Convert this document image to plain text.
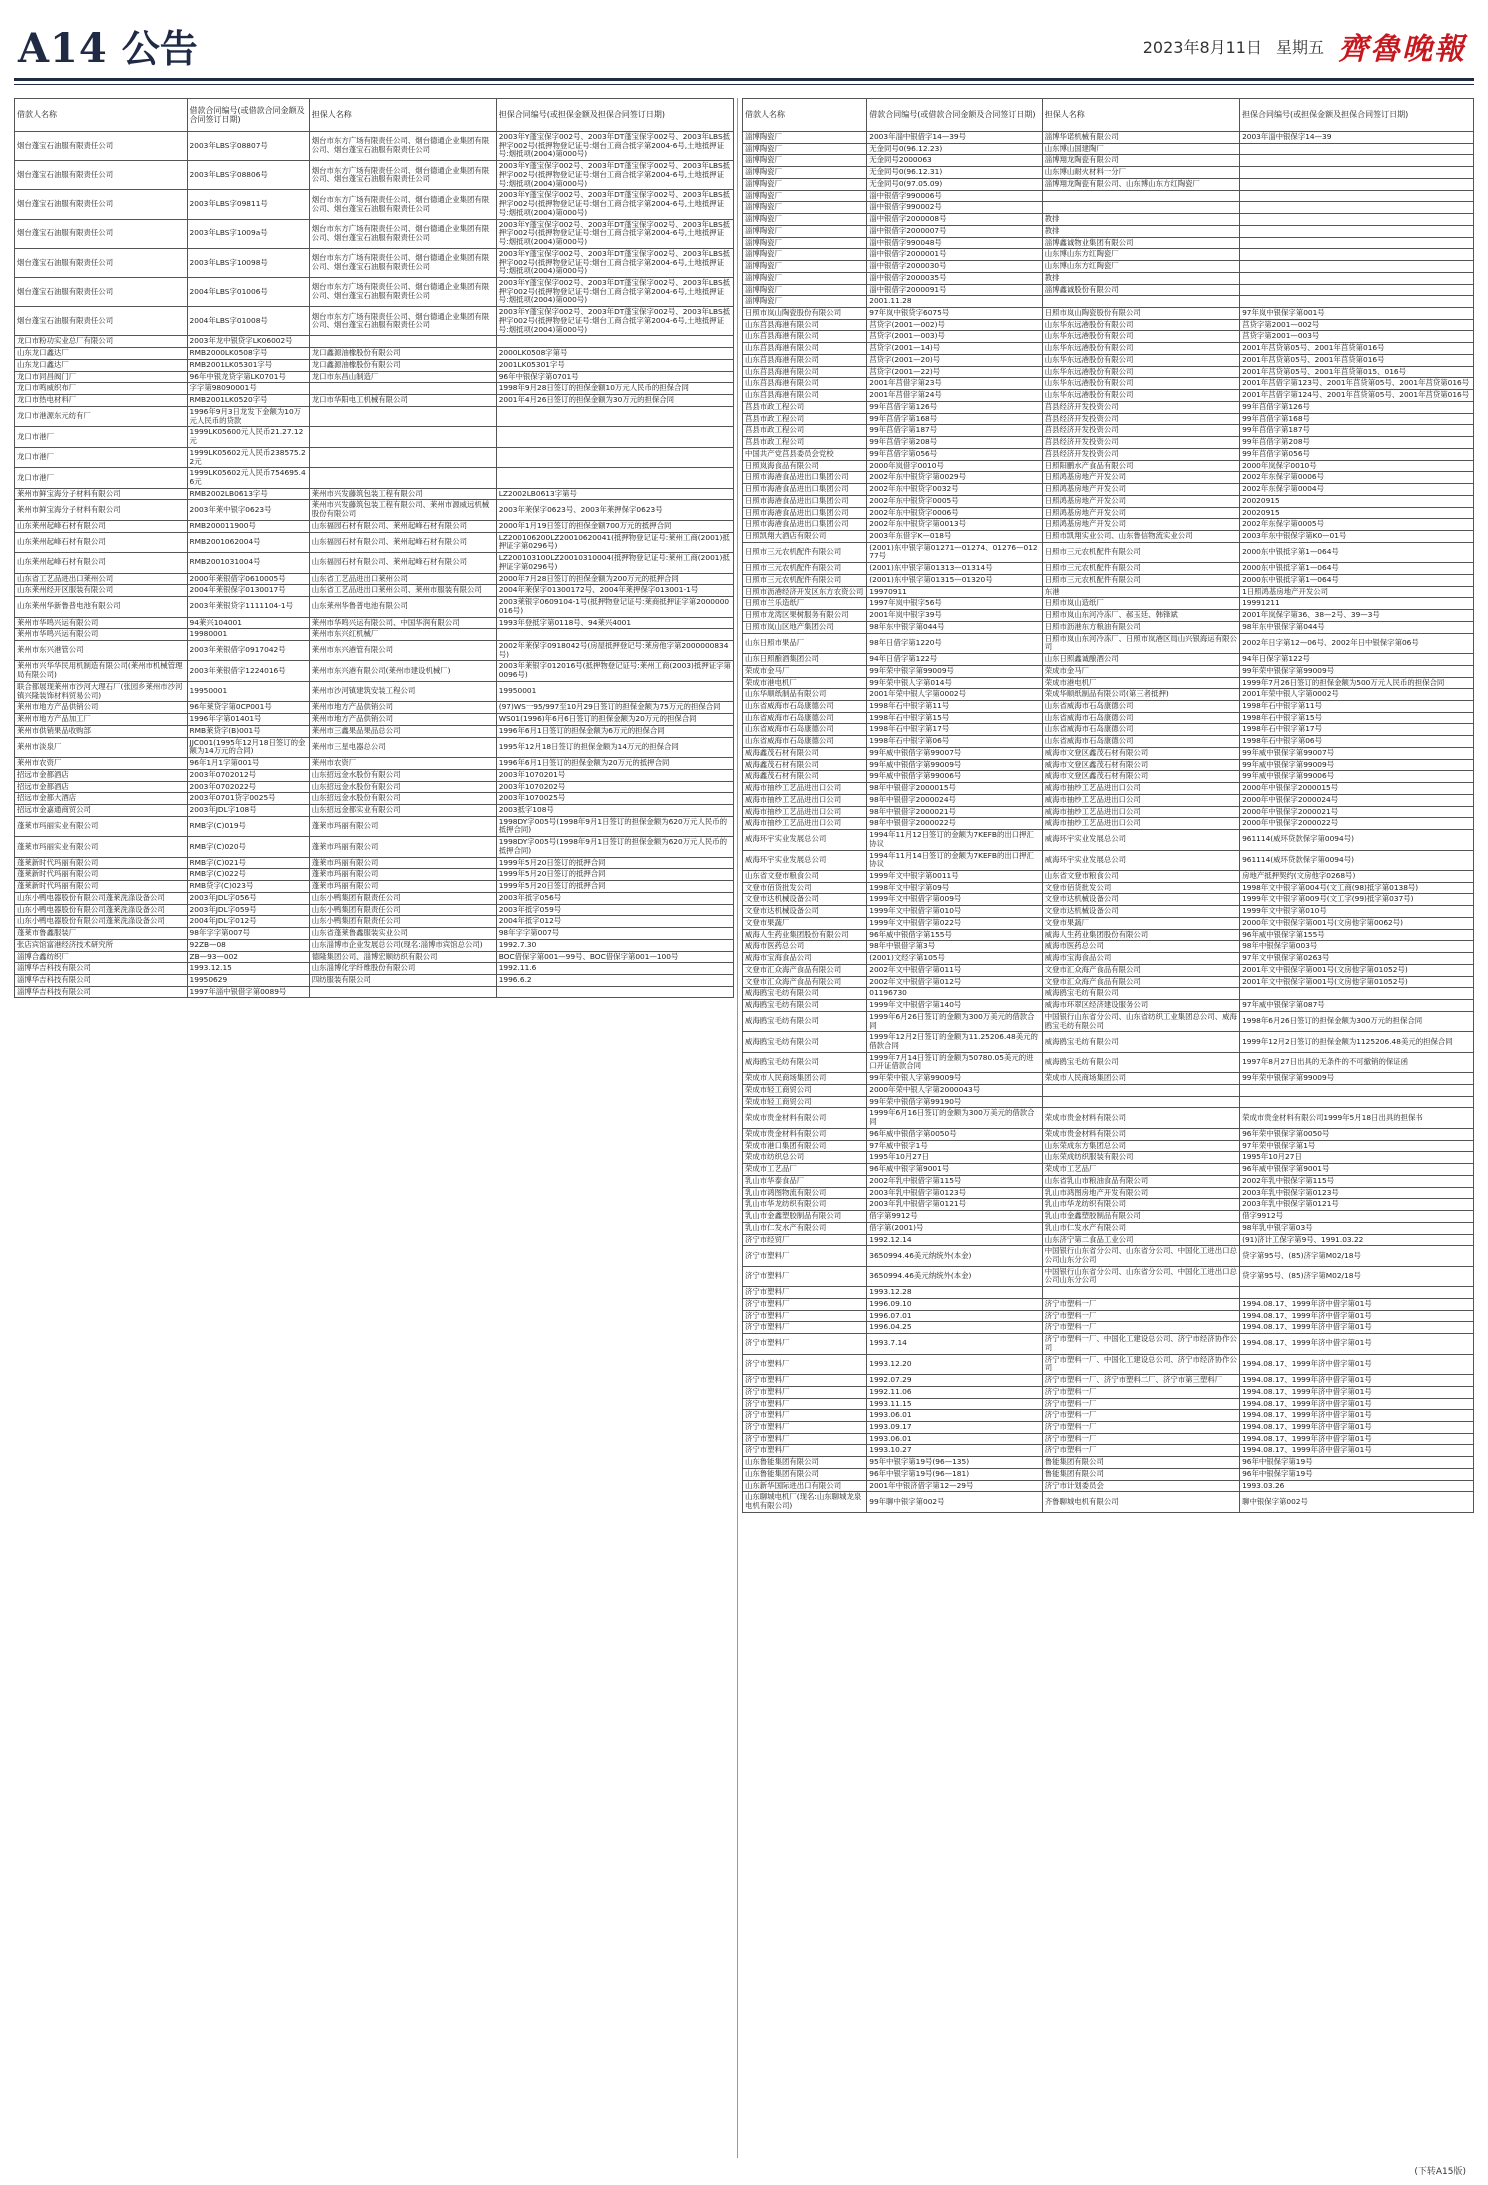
A14 公告	2023年8月11日 星期五 齊魯晚報
借款人名称	借款合同编号(或借款合同金额及合同签订日期)	担保人名称	担保合同编号(或担保金额及担保合同签订日期)
烟台蓬宝石油服有限责任公司	2003年LBS字08807号	烟台市东方广场有限责任公司、烟台德通企业集团有限公司、烟台蓬宝石油服有限责任公司	2003年Y蓬宝保字002号、2003年DT蓬宝保字002号、2003年LBS抵押字002号(抵押物登记证号:烟台工商合抵字第2004-6号,土地抵押证号:烟抵项(2004)第000号)
烟台蓬宝石油服有限责任公司	2003年LBS字08806号	烟台市东方广场有限责任公司、烟台德通企业集团有限公司、烟台蓬宝石油服有限责任公司	2003年Y蓬宝保字002号、2003年DT蓬宝保字002号、2003年LBS抵押字002号(抵押物登记证号:烟台工商合抵字第2004-6号,土地抵押证号:烟抵项(2004)第000号)
烟台蓬宝石油服有限责任公司	2003年LBS字09811号	烟台市东方广场有限责任公司、烟台德通企业集团有限公司、烟台蓬宝石油服有限责任公司	2003年Y蓬宝保字002号、2003年DT蓬宝保字002号、2003年LBS抵押字002号(抵押物登记证号:烟台工商合抵字第2004-6号,土地抵押证号:烟抵项(2004)第000号)
烟台蓬宝石油服有限责任公司	2003年LBS字1009a号	烟台市东方广场有限责任公司、烟台德通企业集团有限公司、烟台蓬宝石油服有限责任公司	2003年Y蓬宝保字002号、2003年DT蓬宝保字002号、2003年LBS抵押字002号(抵押物登记证号:烟台工商合抵字第2004-6号,土地抵押证号:烟抵项(2004)第000号)
烟台蓬宝石油服有限责任公司	2003年LBS字10098号	烟台市东方广场有限责任公司、烟台德通企业集团有限公司、烟台蓬宝石油服有限责任公司	2003年Y蓬宝保字002号、2003年DT蓬宝保字002号、2003年LBS抵押字002号(抵押物登记证号:烟台工商合抵字第2004-6号,土地抵押证号:烟抵项(2004)第000号)
烟台蓬宝石油服有限责任公司	2004年LBS字01006号	烟台市东方广场有限责任公司、烟台德通企业集团有限公司、烟台蓬宝石油服有限责任公司	2003年Y蓬宝保字002号、2003年DT蓬宝保字002号、2003年LBS抵押字002号(抵押物登记证号:烟台工商合抵字第2004-6号,土地抵押证号:烟抵项(2004)第000号)
烟台蓬宝石油服有限责任公司	2004年LBS字01008号	烟台市东方广场有限责任公司、烟台德通企业集团有限公司、烟台蓬宝石油服有限责任公司	2003年Y蓬宝保字002号、2003年DT蓬宝保字002号、2003年LBS抵押字002号(抵押物登记证号:烟台工商合抵字第2004-6号,土地抵押证号:烟抵项(2004)第000号)
龙口市粉功实业总厂有限公司	2003年龙中银贷字LK06002号		
山东龙口鑫达厂	RMB2000LK0508字号	龙口鑫源油橡股份有限公司	2000LK0508字第号
山东龙口鑫达厂	RMB2001LK05301字号	龙口鑫源油橡股份有限公司	2001LK05301字号
龙口市同昌阀门厂	96年中银龙贷字第LK0701号	龙口市东昌山制造厂	96年中银保字第0701号
龙口市鸣威织布厂	字字第98090001号		1998年9月28日签订的担保金额10万元人民币的担保合同
龙口市热电材料厂	RMB2001LK0520字号	龙口市华阳电工机械有限公司	2001年4月26日签订的担保金额为30万元的担保合同
龙口市港源东元纺有厂	1996年9月3日龙发下金额为10万元人民币的贷款		
龙口市港厂	1999LK05600元人民币21.27.12元		
龙口市港厂	1999LK05602元人民币238575.22元		
龙口市港厂	1999LK05602元人民币754695.46元		
莱州市鲜宝海分子材料有限公司	RMB2002LB0613字号	莱州市兴发藤筑包装工程有限公司	LZ2002LB0613字第号
莱州市鲜宝海分子材料有限公司	2003年莱中银字0623号	莱州市兴发藤筑包装工程有限公司、莱州市源威远机械股份有限公司	2003年莱保字0623号、2003年莱押保字0623号
山东莱州起峰石材有限公司	RMB200011900号	山东福园石材有限公司、莱州起峰石材有限公司	2000年1月19日签订的担保金额700万元的抵押合同
山东莱州起峰石材有限公司	RMB2001062004号	山东福园石材有限公司、莱州起峰石材有限公司	LZ200106200LZ20010620041(抵押物登记证号:莱州工商(2001)抵押证字第0296号)
山东莱州起峰石材有限公司	RMB2001031004号	山东福园石材有限公司、莱州起峰石材有限公司	LZ200103100LZ20010310004(抵押物登记证号:莱州工商(2001)抵押证字第0296号)
山东省工艺品进出口莱州公司	2000年莱银借字0610005号	山东省工艺品进出口莱州公司	2000年7月28日签订的担保金额为200万元的抵押合同
山东莱州经开区服装有限公司	2004年莱银保字0130017号	山东省工艺品进出口莱州公司、莱州市服装有限公司	2004年莱保字01300172号、2004年莱押保字013001-1号
山东莱州华新鲁普电池有限公司	2003年莱银贷字1111104-1号	山东莱州华鲁普电池有限公司	2003莱银字0609104-1号(抵押物登记证号:莱商抵押证字第2000000016号)
莱州市华鸣兴运有限公司	94莱兴104001	莱州市华鸣兴运有限公司、中国华润有限公司	1993年登抵字第0118号、94莱兴4001
莱州市华鸣兴运有限公司	19980001	莱州市东兴红机械厂	
莱州市东兴港管公司	2003年莱银借字0917042号	莱州市东兴港管有限公司	2002年莱保字0918042号(房屋抵押登记号:莱房他字第2000000834号)
莱州市兴华华民用机制造有限公司(莱州市机械管理局有限公司)	2003年莱银借字1224016号	莱州市东兴港有限公司(莱州市建设机械厂)	2003年莱银字012016号(抵押物登记证号:莱州工商(2003)抵押证字第0096号)
联合都展现莱州市沙河大理石厂(张园乡莱州市沙河镇兴隆装饰材料贸易公司)	19950001	莱州市沙河镇建筑安装工程公司	19950001
莱州市地方产品供销公司	96年莱贷字第0CP001号	莱州市地方产品供销公司	(97)WS一95/997至10月29日签订的担保金额为75万元的担保合同
莱州市地方产品加工厂	1996年字第01401号	莱州市地方产品供销公司	WS01(1996)年6月6日签订的担保金额为20万元的担保合同
莱州市供销果品收购部	RMB莱贷字(B)001号	莱州市三鑫果品果品总公司	1996年6月1日签订的担保金额为6万元的担保合同
莱州市淡泉厂	JJC001(1995年12月18日签订的金额为14万元的合同)	莱州市三星电器总公司	1995年12月18日签订的担保金额为14万元的担保合同
莱州市农资厂	96年1月1字第001号	莱州市农资厂	1996年6月1日签订的担保金额为20万元的抵押合同
招远市金都酒店	2003年0702012号	山东招远金水股份有限公司	2003年1070201号
招远市金都酒店	2003年0702022号	山东招远金水股份有限公司	2003年1070202号
招远市金都大酒店	2003年0701贷字0025号	山东招远金水股份有限公司	2003年1070025号
招远市金嘉通商贸公司	2003年JDL字108号	山东招远金都实业有限公司	2003抵字108号
蓬莱市玛丽实业有限公司	RMB字(C)019号	蓬莱市玛丽有限公司	1998DY字005号(1998年9月1日签订的担保金额为620万元人民币的抵押合同)
蓬莱市玛丽实业有限公司	RMB字(C)020号	蓬莱市玛丽有限公司	1998DY字005号(1998年9月1日签订的担保金额为620万元人民币的抵押合同)
蓬莱新时代玛丽有限公司	RMB字(C)021号	蓬莱市玛丽有限公司	1999年5月20日签订的抵押合同
蓬莱新时代玛丽有限公司	RMB字(C)022号	蓬莱市玛丽有限公司	1999年5月20日签订的抵押合同
蓬莱新时代玛丽有限公司	RMB贷字(C)023号	蓬莱市玛丽有限公司	1999年5月20日签订的抵押合同
山东小鸭电器股份有限公司蓬莱洗涤设备公司	2003年JDL字056号	山东小鸭集团有限责任公司	2003年抵字056号
山东小鸭电器股份有限公司蓬莱洗涤设备公司	2003年JDL字059号	山东小鸭集团有限责任公司	2003年抵字059号
山东小鸭电器股份有限公司蓬莱洗涤设备公司	2004年JDL字012号	山东小鸭集团有限责任公司	2004年抵字012号
蓬莱市鲁鑫服装厂	98年字字第007号	山东省蓬莱鲁鑫服装实业公司	98年字字第007号
张店宾馆富港经济技术研究所	92ZB—08	山东淄博市企业发展总公司(现名:淄博市宾馆总公司)	1992.7.30
淄博合鑫纺织厂	ZB—93—002	德隆集团公司、淄博宏顺纺织有限公司	BOC借保字第001—99号、BOC借保字第001—100号
淄博华吉科技有限公司	1993.12.15	山东淄博化学纤维股份有限公司	1992.11.6
淄博华吉科技有限公司	19950629	四纺服装有限公司	1996.6.2
淄博华吉科技有限公司	1997年淄中银借字第0089号		
借款人名称	借款合同编号(或借款合同金额及合同签订日期)	担保人名称	担保合同编号(或担保金额及担保合同签订日期)
淄博陶瓷厂	2003年淄中银借字14—39号	淄博华诺机械有限公司	2003年淄中银保字14—39
淄博陶瓷厂	无金同号0(96.12.23)	山东博山国建陶厂	
淄博陶瓷厂	无金同号2000063	淄博翔龙陶瓷有限公司	
淄博陶瓷厂	无金同号0(96.12.31)	山东博山耐火材料一分厂	
淄博陶瓷厂	无金同号0(97.05.09)	淄博翔龙陶瓷有限公司、山东博山东方红陶瓷厂	
淄博陶瓷厂	淄中银借字990006号		
淄博陶瓷厂	淄中银借字990002号		
淄博陶瓷厂	淄中银借字2000008号	教排	
淄博陶瓷厂	淄中银借字2000007号	教排	
淄博陶瓷厂	淄中银借字990048号	淄博鑫诚物业集团有限公司	
淄博陶瓷厂	淄中银借字2000001号	山东博山东方红陶瓷厂	
淄博陶瓷厂	淄中银借字2000030号	山东博山东方红陶瓷厂	
淄博陶瓷厂	淄中银借字2000035号	教排	
淄博陶瓷厂	淄中银借字2000091号	淄博鑫诚股份有限公司	
淄博陶瓷厂	2001.11.28		
日照市岚山陶瓷股份有限公司	97年岚中银贷字6075号	日照市岚山陶瓷股份有限公司	97年岚中银保字第001号
山东莒县海港有限公司	莒贷字(2001—002)号	山东华东远港股份有限公司	莒贷字第2001—002号
山东莒县海港有限公司	莒贷字(2001—003)号	山东华东远港股份有限公司	莒贷字第2001—003号
山东莒县海港有限公司	莒贷字(2001—14)号	山东华东远港股份有限公司	2001年莒贷第05号、2001年莒贷第016号
山东莒县海港有限公司	莒贷字(2001—20)号	山东华东远港股份有限公司	2001年莒贷第05号、2001年莒贷第016号
山东莒县海港有限公司	莒贷字(2001—22)号	山东华东远港股份有限公司	2001年莒贷第05号、2001年莒贷第015、016号
山东莒县海港有限公司	2001年莒借字第23号	山东华东远港股份有限公司	2001年莒借字第123号、2001年莒贷第05号、2001年莒贷第016号
山东莒县海港有限公司	2001年莒借字第24号	山东华东远港股份有限公司	2001年莒借字第124号、2001年莒贷第05号、2001年莒贷第016号
莒县市政工程公司	99年莒借字第126号	莒县经济开发投资公司	99年莒借字第126号
莒县市政工程公司	99年莒借字第168号	莒县经济开发投资公司	99年莒借字第168号
莒县市政工程公司	99年莒借字第187号	莒县经济开发投资公司	99年莒借字第187号
莒县市政工程公司	99年莒借字第208号	莒县经济开发投资公司	99年莒借字第208号
中国共产党莒县委员会党校	99年莒借字第056号	莒县经济开发投资公司	99年莒借字第056号
日照岚海食品有限公司	2000年岚借字0010号	日照阳鹏水产食品有限公司	2000年岚保字0010号
日照市海港食品进出口集团公司	2002年东中银贷字第0029号	日照鸿基房地产开发公司	2002年东保字第0006号
日照市海港食品进出口集团公司	2002年东中银贷字0032号	日照鸿基房地产开发公司	2002年东保字第0004号
日照市海港食品进出口集团公司	2002年东中银贷字0005号	日照鸿基房地产开发公司	20020915
日照市海港食品进出口集团公司	2002年东中银贷字0006号	日照鸿基房地产开发公司	20020915
日照市海港食品进出口集团公司	2002年东中银贷字第0013号	日照鸿基房地产开发公司	2002年东保字第0005号
日照凯翔大酒店有限公司	2003年东借字K—018号	日照市凯翔实业公司、山东鲁信物流实业公司	2003年东中银保字第K0—01号
日照市三元农机配件有限公司	(2001)东中银字第01271—01274、01276—01277号	日照市三元农机配件有限公司	2000东中银抵字第1—064号
日照市三元农机配件有限公司	(2001)东中银字第01313—01314号	日照市三元农机配件有限公司	2000东中银抵字第1—064号
日照市三元农机配件有限公司	(2001)东中银字第01315—01320号	日照市三元农机配件有限公司	2000东中银抵字第1—064号
日照市沥港经济开发区东方农资公司	19970911	东港	1日照鸿基房地产开发公司
日照市兰乐造纸厂	1997年岚中银字56号	日照市岚山造纸厂	19991211
日照市龙湾区果树服务有限公司	2001年岚中银字39号	日照市岚山东河冷冻厂、郝玉廷、韩锋斌	2001年岚保字第36、38—2号、39—3号
日照市岚山区地产集团公司	98年东中银字第044号	日照市沥港东方粮油有限公司	98年东中银保字第044号
山东日照市果品厂	98年日借字第1220号	日照市岚山东河冷冻厂、日照市岚港区局山兴银海运有限公司	2002年日字第12—06号、2002年日中银保字第06号
山东日照酿酒集团公司	94年日借字第122号	山东日照鑫诚酿酒公司	94年日保字第122号
荣成市金马厂	99年荣中银字第99009号	荣成市金马厂	99年荣中银保字第99009号
荣成市港电机厂	99年荣中银人字第014号	荣成市港电机厂	1999年7月26日签订的担保金额为500万元人民币的担保合同
山东华顺纸制品有限公司	2001年荣中银人字第0002号	荣成华顺纸制品有限公司(第三者抵押)	2001年荣中银人字第0002号
山东省威海市石岛康德公司	1998年石中银字第11号	山东省威海市石岛康德公司	1998年石中银字第11号
山东省威海市石岛康德公司	1998年石中银字第15号	山东省威海市石岛康德公司	1998年石中银字第15号
山东省威海市石岛康德公司	1998年石中银字第17号	山东省威海市石岛康德公司	1998年石中银字第17号
山东省威海市石岛康德公司	1998年石中银字第06号	山东省威海市石岛康德公司	1998年石中银字第06号
威海鑫茂石材有限公司	99年威中银借字第99007号	威海市文登区鑫茂石材有限公司	99年威中银保字第99007号
威海鑫茂石材有限公司	99年威中银借字第99009号	威海市文登区鑫茂石材有限公司	99年威中银保字第99009号
威海鑫茂石材有限公司	99年威中银借字第99006号	威海市文登区鑫茂石材有限公司	99年威中银保字第99006号
威海市抽纱工艺品进出口公司	98年中银借字2000015号	威海市抽纱工艺品进出口公司	2000年中银保字2000015号
威海市抽纱工艺品进出口公司	98年中银借字2000024号	威海市抽纱工艺品进出口公司	2000年中银保字2000024号
威海市抽纱工艺品进出口公司	98年中银借字2000021号	威海市抽纱工艺品进出口公司	2000年中银保字2000021号
威海市抽纱工艺品进出口公司	98年中银借字2000022号	威海市抽纱工艺品进出口公司	2000年中银保字2000022号
威海环宇实业发展总公司	1994年11月12日签订的金额为7KEFB的出口押汇协议	威海环宇实业发展总公司	961114(威环贷款保字第0094号)
威海环宇实业发展总公司	1994年11月14日签订的金额为7KEFB的出口押汇协议	威海环宇实业发展总公司	961114(威环贷款保字第0094号)
山东省文登市粮食公司	1999年文中银字第0011号	山东省文登市粮食公司	房地产抵押契约(文房他字0268号)
文登市佰货批发公司	1998年文中银字第09号	文登市佰货批发公司	1998年文中银字第004号(文工商(98)抵字第0138号)
文登市达机械设备公司	1999年文中银借字第009号	文登市达机械设备公司	1999年文中银字第009号(文工字(99)抵字第037号)
文登市达机械设备公司	1999年文中银借字第010号	文登市达机械设备公司	1999年文中银字第010号
文登市果蔬厂	1999年文中银借字第022号	文登市果蔬厂	2000年文中银保字第001号(文房他字第0062号)
威海人生药业集团股份有限公司	96年威中银借字第155号	威海人生药业集团股份有限公司	96年威中银保字第155号
威海市医药总公司	98年中银借字第3号	威海市医药总公司	98年中银保字第003号
威海市宝海食品公司	(2001)文经字第105号	威海市宝海食品公司	97年文中银保字第0263号
文登市汇众海产食品有限公司	2002年文中银借字第011号	文登市汇众海产食品有限公司	2001年文中银保字第001号(文房他字第01052号)
文登市汇众海产食品有限公司	2002年文中银借字第012号	文登市汇众海产食品有限公司	2001年文中银保字第001号(文房他字第01052号)
威海鸥宝毛纺有限公司	01196730	威海鸥宝毛纺有限公司	
威海鸥宝毛纺有限公司	1999年文中银借字第140号	威海市环翠区经济建设服务公司	97年威中银保字第087号
威海鸥宝毛纺有限公司	1999年6月26日签订的金额为300万美元的借款合同	中国银行山东省分公司、山东省纺织工业集团总公司、威海鸥宝毛纺有限公司	1998年6月26日签订的担保金额为300万元的担保合同
威海鸥宝毛纺有限公司	1999年12月2日签订的金额为11.25206.48美元的借款合同	威海鸥宝毛纺有限公司	1999年12月2日签订的担保金额为1125206.48美元的担保合同
威海鸥宝毛纺有限公司	1999年7月14日签订的金额为50780.05美元的进口开证借款合同	威海鸥宝毛纺有限公司	1997年8月27日出具的无条件的不可撤销的保证函
荣成市人民商场集团公司	99年荣中银人字第99009号	荣成市人民商场集团公司	99年荣中银保字第99009号
荣成市轻工商贸公司	2000年荣中银人字第2000043号		
荣成市轻工商贸公司	99年荣中银借字第99190号		
荣成市贵金材料有限公司	1999年6月16日签订的金额为300万美元的借款合同	荣成市贵金材料有限公司	荣成市贵金材料有限公司1999年5月18日出具的担保书
荣成市贵金材料有限公司	96年威中银借字第0050号	荣成市贵金材料有限公司	96年荣中银保字第0050号
荣成市港口集团有限公司	97年威中银字1号	山东荣成东方集团总公司	97年荣中银保字第1号
荣成市纺织总公司	1995年10月27日	山东荣成纺织服装有限公司	1995年10月27日
荣成市工艺品厂	96年威中银字第9001号	荣成市工艺品厂	96年威中银保字第9001号
乳山市华泰食品厂	2002年乳中银借字第115号	山东省乳山市粮油食品有限公司	2002年乳中银保字第115号
乳山市鸿图物流有限公司	2003年乳中银借字第0123号	乳山市鸿图房地产开发有限公司	2003年乳中银保字第0123号
乳山市华龙纺织有限公司	2003年乳中银借字第0121号	乳山市华龙纺织有限公司	2003年乳中银保字第0121号
乳山市金鑫塑胶制品有限公司	借字第9912号	乳山市金鑫塑胶制品有限公司	借字9912号
乳山市仁发水产有限公司	借字第(2001)号	乳山市仁发水产有限公司	98年乳中银字第03号
济宁市经贸厂	1992.12.14	山东济宁第二食品工业公司	(91)济计工保字第9号、1991.03.22
济宁市塑料厂	3650994.46美元纳统外(本金)	中国银行山东省分公司、山东省分公司、中国化工进出口总公司山东分公司	贷字第95号、(85)济字第M02/18号
济宁市塑料厂	3650994.46美元纳统外(本金)	中国银行山东省分公司、山东省分公司、中国化工进出口总公司山东分公司	贷字第95号、(85)济字第M02/18号
济宁市塑料厂	1993.12.28		
济宁市塑料厂	1996.09.10	济宁市塑料一厂	1994.08.17、1999年济中借字第01号
济宁市塑料厂	1996.07.01	济宁市塑料一厂	1994.08.17、1999年济中借字第01号
济宁市塑料厂	1996.04.25	济宁市塑料一厂	1994.08.17、1999年济中借字第01号
济宁市塑料厂	1993.7.14	济宁市塑料一厂、中国化工建设总公司、济宁市经济协作公司	1994.08.17、1999年济中借字第01号
济宁市塑料厂	1993.12.20	济宁市塑料一厂、中国化工建设总公司、济宁市经济协作公司	1994.08.17、1999年济中借字第01号
济宁市塑料厂	1992.07.29	济宁市塑料一厂、济宁市塑料二厂、济宁市第三塑料厂	1994.08.17、1999年济中借字第01号
济宁市塑料厂	1992.11.06	济宁市塑料一厂	1994.08.17、1999年济中借字第01号
济宁市塑料厂	1993.11.15	济宁市塑料一厂	1994.08.17、1999年济中借字第01号
济宁市塑料厂	1993.06.01	济宁市塑料一厂	1994.08.17、1999年济中借字第01号
济宁市塑料厂	1993.09.17	济宁市塑料一厂	1994.08.17、1999年济中借字第01号
济宁市塑料厂	1993.06.01	济宁市塑料一厂	1994.08.17、1999年济中借字第01号
济宁市塑料厂	1993.10.27	济宁市塑料一厂	1994.08.17、1999年济中借字第01号
山东鲁能集团有限公司	95年中银字第19号(96—135)	鲁能集团有限公司	96年中银保字第19号
山东鲁能集团有限公司	96年中银字第19号(96—181)	鲁能集团有限公司	96年中银保字第19号
山东新华国际进出口有限公司	2001年中银济借字第12—29号	济宁市计划委员会	1993.03.26
山东聊城电机厂(现名:山东聊城龙泉电机有限公司)	99年聊中银字第002号	齐鲁聊城电机有限公司	聊中银保字第002号
(下转A15版)
